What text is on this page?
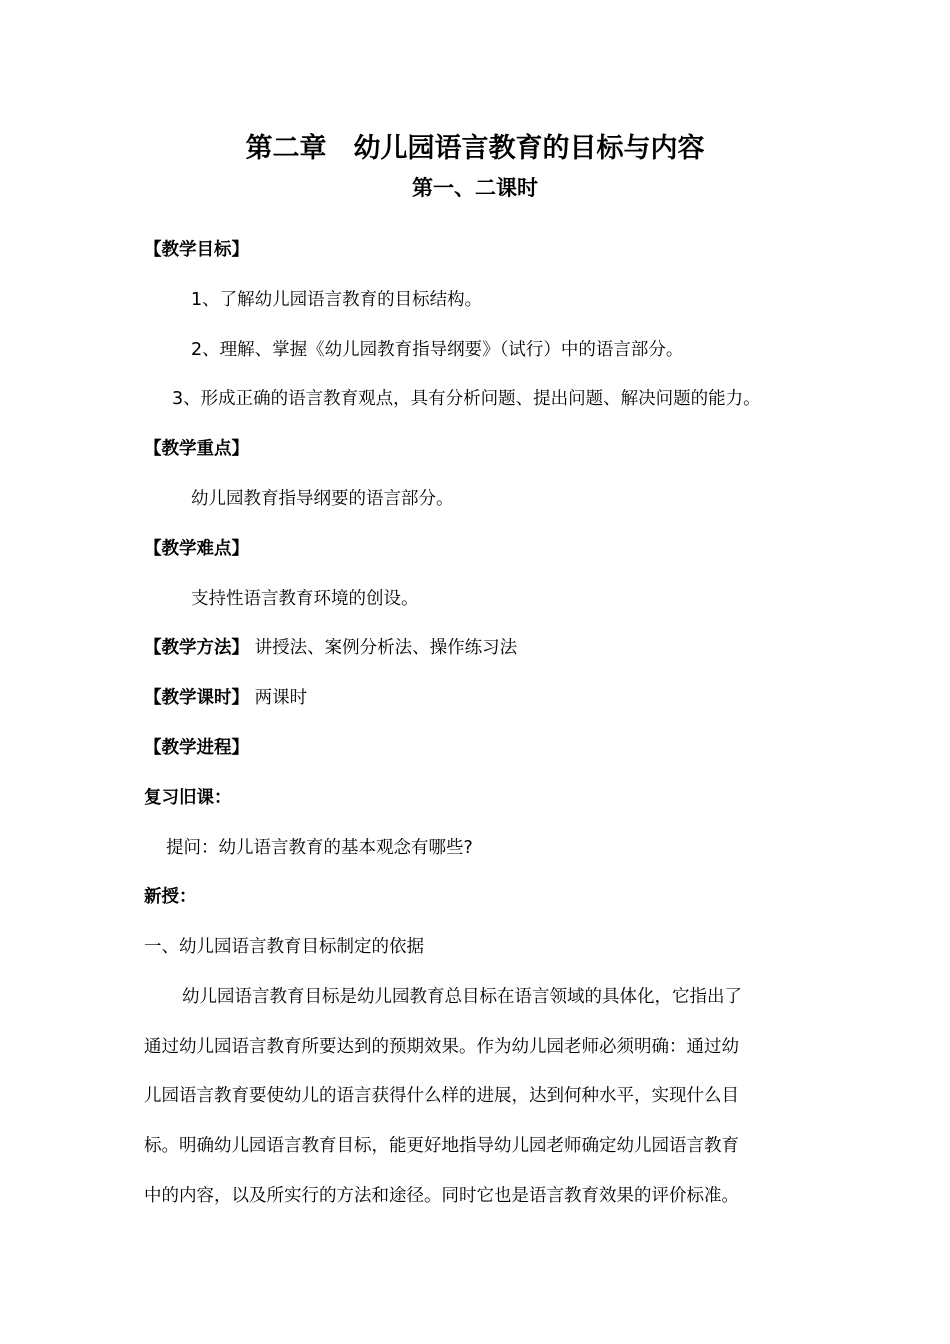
第二章　幼儿园语言教育的目标与内容
第一、二课时

【教学目标】

1、了解幼儿园语言教育的目标结构。

2、理解、掌握《幼儿园教育指导纲要》（试行）中的语言部分。

3、形成正确的语言教育观点，具有分析问题、提出问题、解决问题的能力。

【教学重点】

幼儿园教育指导纲要的语言部分。

【教学难点】

支持性语言教育环境的创设。

【教学方法】 讲授法、案例分析法、操作练习法

【教学课时】 两课时

【教学进程】

复习旧课：

提问：幼儿语言教育的基本观念有哪些?

新授：

一、幼儿园语言教育目标制定的依据

幼儿园语言教育目标是幼儿园教育总目标在语言领域的具体化，它指出了

通过幼儿园语言教育所要达到的预期效果。作为幼儿园老师必须明确：通过幼

儿园语言教育要使幼儿的语言获得什么样的进展，达到何种水平，实现什么目

标。明确幼儿园语言教育目标，能更好地指导幼儿园老师确定幼儿园语言教育

中的内容，以及所实行的方法和途径。同时它也是语言教育效果的评价标准。
